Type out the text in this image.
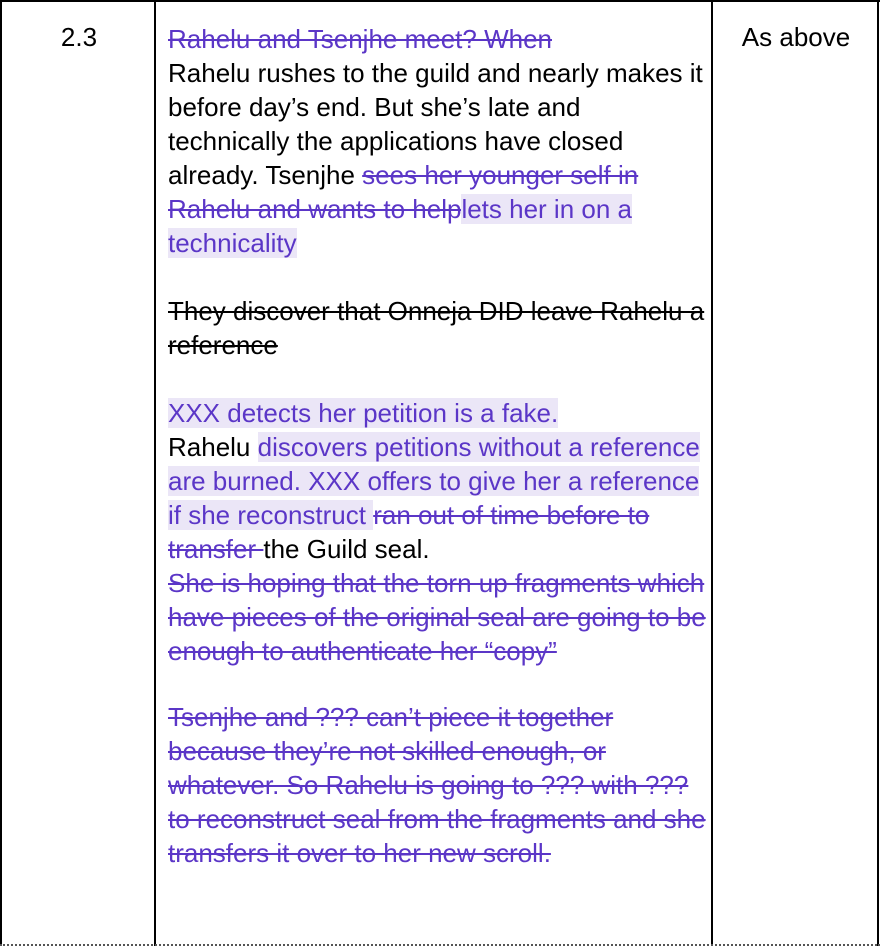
2.3	Rahelu and Tsenjhe meet? When
Rahelu rushes to the guild and nearly makes it before day’s end. But she’s late and technically the applications have closed already. Tsenjhe sees her younger self in Rahelu and wants to helplets her in on a technicality

They discover that Onneja DID leave Rahelu a reference

XXX detects her petition is a fake.
Rahelu discovers petitions without a reference are burned. XXX offers to give her a reference if she reconstruct ran out of time before to transfer the Guild seal.
She is hoping that the torn up fragments which have pieces of the original seal are going to be enough to authenticate her “copy”

Tsenjhe and ??? can’t piece it together because they’re not skilled enough, or whatever. So Rahelu is going to ??? with ??? to reconstruct seal from the fragments and she transfers it over to her new scroll.

As above
